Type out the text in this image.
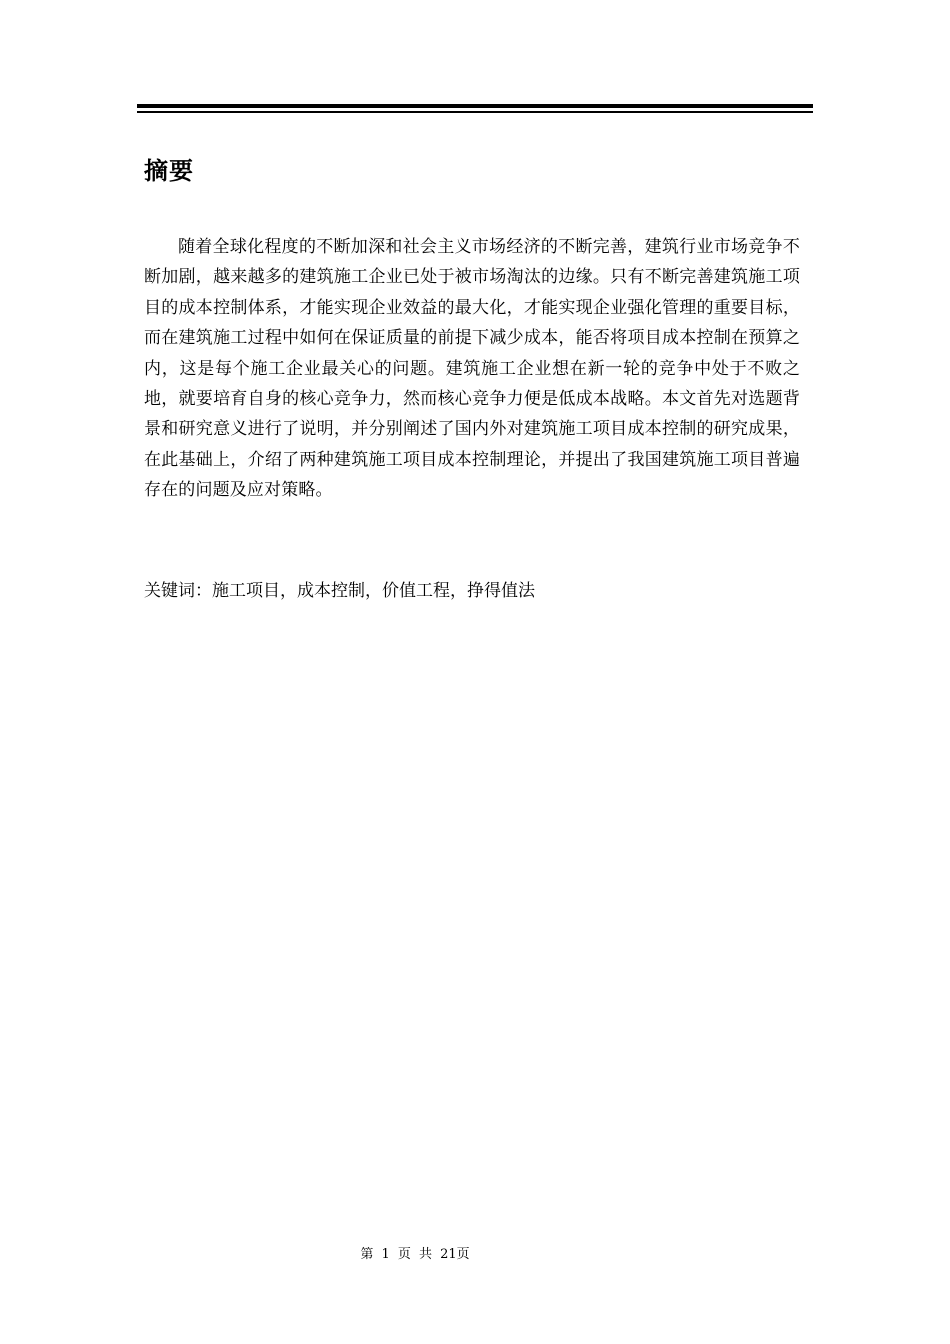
摘要

随着全球化程度的不断加深和社会主义市场经济的不断完善，建筑行业市场竞争不断加剧，越来越多的建筑施工企业已处于被市场淘汰的边缘。只有不断完善建筑施工项目的成本控制体系，才能实现企业效益的最大化，才能实现企业强化管理的重要目标，而在建筑施工过程中如何在保证质量的前提下减少成本，能否将项目成本控制在预算之内，这是每个施工企业最关心的问题。建筑施工企业想在新一轮的竞争中处于不败之地，就要培育自身的核心竞争力，然而核心竞争力便是低成本战略。本文首先对选题背景和研究意义进行了说明，并分别阐述了国内外对建筑施工项目成本控制的研究成果，在此基础上，介绍了两种建筑施工项目成本控制理论，并提出了我国建筑施工项目普遍存在的问题及应对策略。

关键词：施工项目，成本控制，价值工程，挣得值法

第 1 页 共 21页
